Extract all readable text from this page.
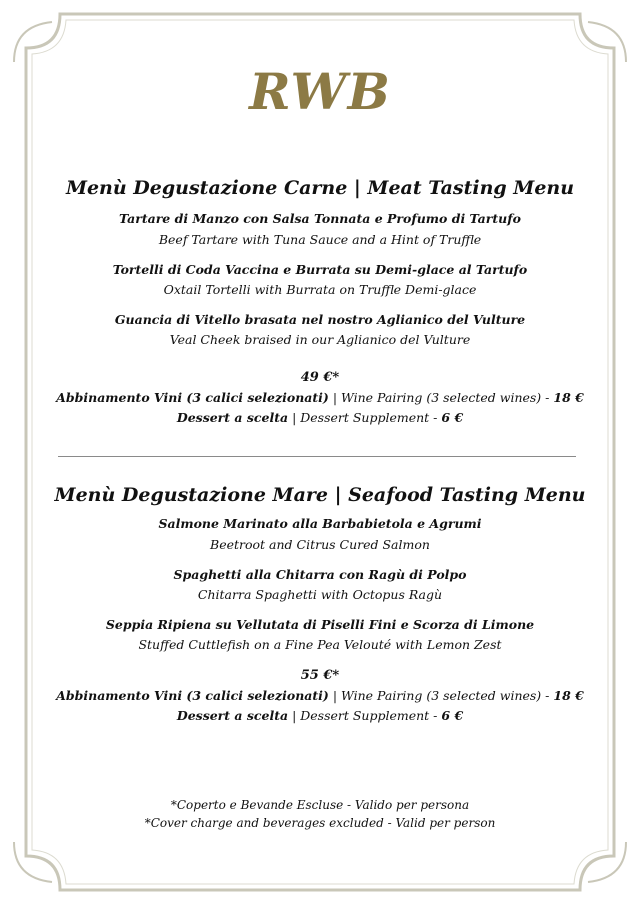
RWB
Menù Degustazione Carne | Meat Tasting Menu
Tartare di Manzo con Salsa Tonnata e Profumo di Tartufo
Beef Tartare with Tuna Sauce and a Hint of Truffle
Tortelli di Coda Vaccina e Burrata su Demi-glace al Tartufo
Oxtail Tortelli with Burrata on Truffle Demi-glace
Guancia di Vitello brasata nel nostro Aglianico del Vulture
Veal Cheek braised in our Aglianico del Vulture
49 €*
Abbinamento Vini (3 calici selezionati) | Wine Pairing (3 selected wines) - 18 €
Dessert a scelta | Dessert Supplement - 6 €
Menù Degustazione Mare | Seafood Tasting Menu
Salmone Marinato alla Barbabietola e Agrumi
Beetroot and Citrus Cured Salmon
Spaghetti alla Chitarra con Ragù di Polpo
Chitarra Spaghetti with Octopus Ragù
Seppia Ripiena su Vellutata di Piselli Fini e Scorza di Limone
Stuffed Cuttlefish on a Fine Pea Velouté with Lemon Zest
55 €*
Abbinamento Vini (3 calici selezionati) | Wine Pairing (3 selected wines) - 18 €
Dessert a scelta | Dessert Supplement - 6 €
*Coperto e Bevande Escluse - Valido per persona
*Cover charge and beverages excluded - Valid per person
